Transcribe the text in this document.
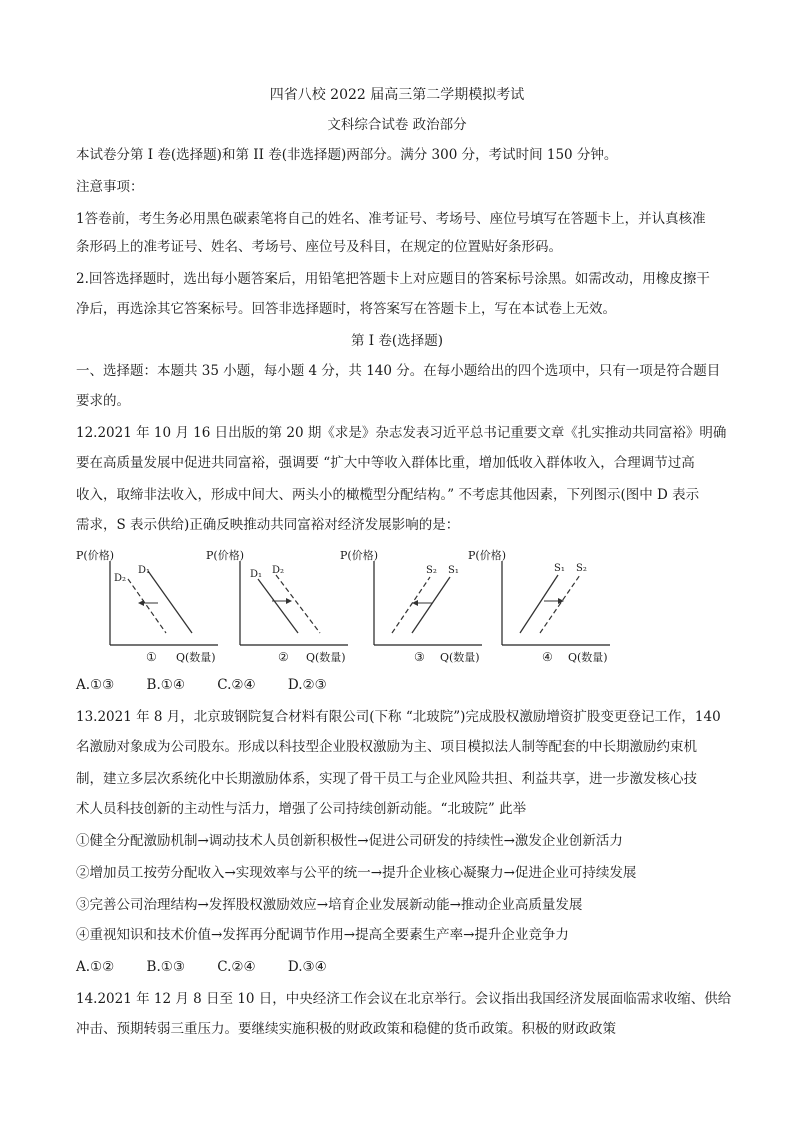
四省八校 2022 届高三第二学期模拟考试
文科综合试卷 政治部分
本试卷分第 I 卷(选择题)和第 II 卷(非选择题)两部分。满分 300 分，考试时间 150 分钟。
注意事项：
1答卷前，考生务必用黑色碳素笔将自己的姓名、准考证号、考场号、座位号填写在答题卡上，并认真核准
条形码上的准考证号、姓名、考场号、座位号及科目，在规定的位置贴好条形码。
2.回答选择题时，选出每小题答案后，用铅笔把答题卡上对应题目的答案标号涂黑。如需改动，用橡皮擦干
净后，再选涂其它答案标号。回答非选择题时，将答案写在答题卡上，写在本试卷上无效。
第 I 卷(选择题)
一、选择题：本题共 35 小题，每小题 4 分，共 140 分。在每小题给出的四个选项中，只有一项是符合题目
要求的。
12.2021 年 10 月 16 日出版的第 20 期《求是》杂志发表习近平总书记重要文章《扎实推动共同富裕》明确
要在高质量发展中促进共同富裕，强调要 “扩大中等收入群体比重，增加低收入群体收入，合理调节过高
收入，取缔非法收入，形成中间大、两头小的橄榄型分配结构。” 不考虑其他因素，下列图示(图中 D 表示
需求，S 表示供给)正确反映推动共同富裕对经济发展影响的是：
P(价格)
Q(数量)
①
D₂
D₁
P(价格)
Q(数量)
②
D₁ D₂
P(价格)
Q(数量)
③
S₂ S₁
P(价格)
Q(数量)
④
S₁ S₂
A.①③ B.①④ C.②④ D.②③
13.2021 年 8 月，北京玻钢院复合材料有限公司(下称 “北玻院”)完成股权激励增资扩股变更登记工作，140
名激励对象成为公司股东。形成以科技型企业股权激励为主、项目模拟法人制等配套的中长期激励约束机
制，建立多层次系统化中长期激励体系，实现了骨干员工与企业风险共担、利益共享，进一步激发核心技
术人员科技创新的主动性与活力，增强了公司持续创新动能。“北玻院” 此举
①健全分配激励机制→调动技术人员创新积极性→促进公司研发的持续性→激发企业创新活力
②增加员工按劳分配收入→实现效率与公平的统一→提升企业核心凝聚力→促进企业可持续发展
③完善公司治理结构→发挥股权激励效应→培育企业发展新动能→推动企业高质量发展
④重视知识和技术价值→发挥再分配调节作用→提高全要素生产率→提升企业竞争力
A.①② B.①③ C.②④ D.③④
14.2021 年 12 月 8 日至 10 日，中央经济工作会议在北京举行。会议指出我国经济发展面临需求收缩、供给
冲击、预期转弱三重压力。要继续实施积极的财政政策和稳健的货币政策。积极的财政政策
